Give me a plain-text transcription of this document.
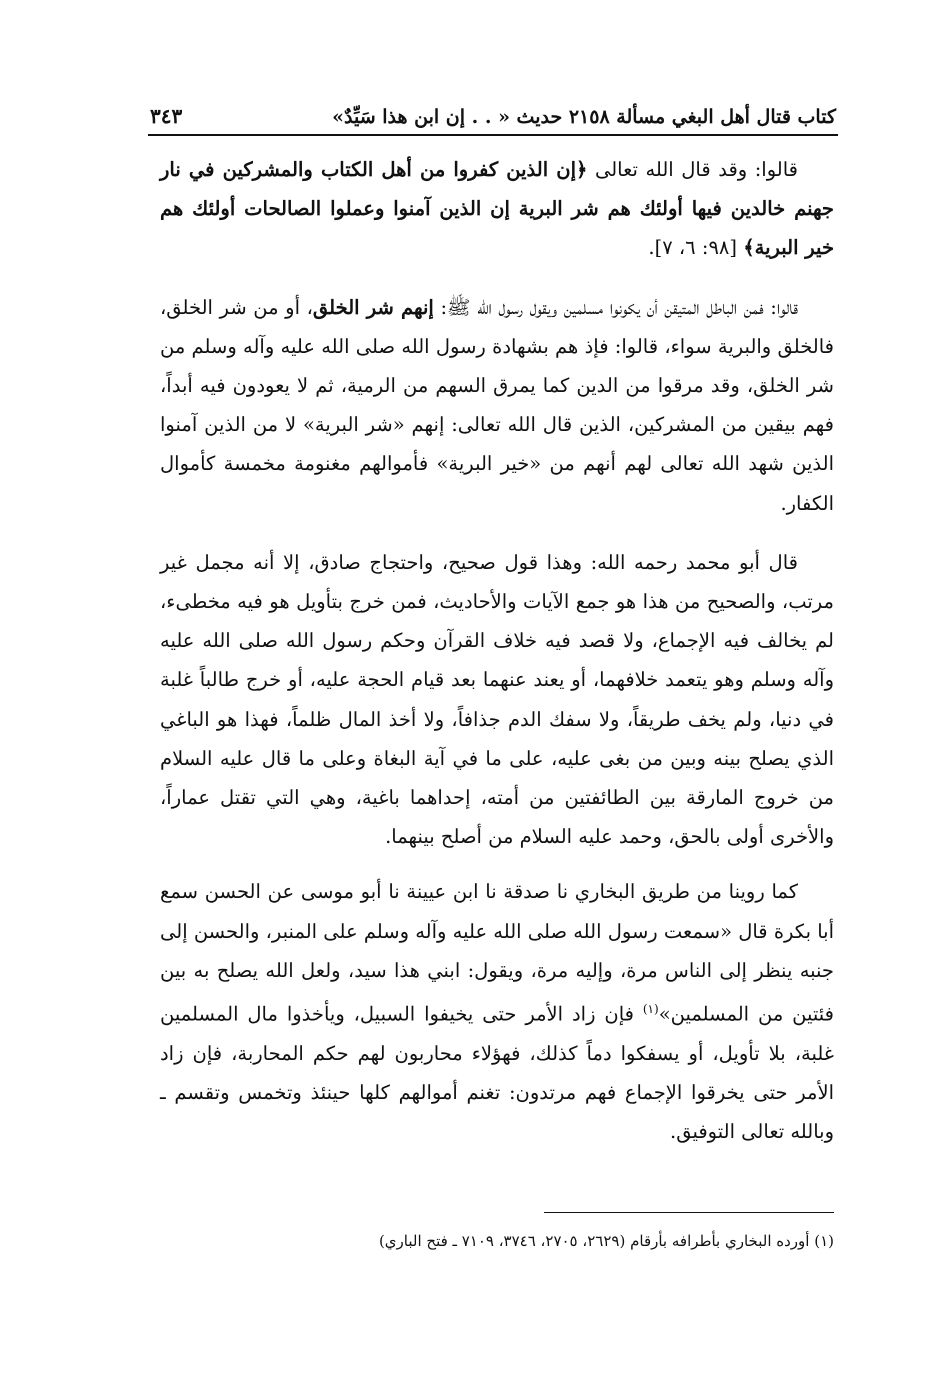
كتاب قتال أهل البغي مسألة ٢١٥٨ حديث « . . إن ابن هذا سَيِّدٌ»
٣٤٣

قالوا: وقد قال الله تعالى ﴿إن الذين كفروا من أهل الكتاب والمشركين في نار جهنم خالدين فيها أولئك هم شر البرية إن الذين آمنوا وعملوا الصالحات أولئك هم خير البرية﴾ [٩٨: ٦، ٧].

قالوا: فمن الباطل المتيقن أن يكونوا مسلمين ويقول رسول الله ﷺ: إنهم شر الخلق، أو من شر الخلق، فالخلق والبرية سواء، قالوا: فإذ هم بشهادة رسول الله صلى الله عليه وآله وسلم من شر الخلق، وقد مرقوا من الدين كما يمرق السهم من الرمية، ثم لا يعودون فيه أبداً، فهم بيقين من المشركين، الذين قال الله تعالى: إنهم «شر البرية» لا من الذين آمنوا الذين شهد الله تعالى لهم أنهم من «خير البرية» فأموالهم مغنومة مخمسة كأموال الكفار.

قال أبو محمد رحمه الله: وهذا قول صحيح، واحتجاج صادق، إلا أنه مجمل غير مرتب، والصحيح من هذا هو جمع الآيات والأحاديث، فمن خرج بتأويل هو فيه مخطىء، لم يخالف فيه الإجماع، ولا قصد فيه خلاف القرآن وحكم رسول الله صلى الله عليه وآله وسلم وهو يتعمد خلافهما، أو يعند عنهما بعد قيام الحجة عليه، أو خرج طالباً غلبة في دنيا، ولم يخف طريقاً، ولا سفك الدم جذافاً، ولا أخذ المال ظلماً، فهذا هو الباغي الذي يصلح بينه وبين من بغى عليه، على ما في آية البغاة وعلى ما قال عليه السلام من خروج المارقة بين الطائفتين من أمته، إحداهما باغية، وهي التي تقتل عماراً، والأخرى أولى بالحق، وحمد عليه السلام من أصلح بينهما.

كما روينا من طريق البخاري نا صدقة نا ابن عيينة نا أبو موسى عن الحسن سمع أبا بكرة قال «سمعت رسول الله صلى الله عليه وآله وسلم على المنبر، والحسن إلى جنبه ينظر إلى الناس مرة، وإليه مرة، ويقول: ابني هذا سيد، ولعل الله يصلح به بين فئتين من المسلمين»$^{(١)}$ فإن زاد الأمر حتى يخيفوا السبيل، ويأخذوا مال المسلمين غلبة، بلا تأويل، أو يسفكوا دماً كذلك، فهؤلاء محاربون لهم حكم المحاربة، فإن زاد الأمر حتى يخرقوا الإجماع فهم مرتدون: تغنم أموالهم كلها حينئذ وتخمس وتقسم ـ وبالله تعالى التوفيق.

(١) أورده البخاري بأطرافه بأرقام (٢٦٢٩، ٢٧٠٥، ٣٧٤٦، ٧١٠٩ ـ فتح الباري)
